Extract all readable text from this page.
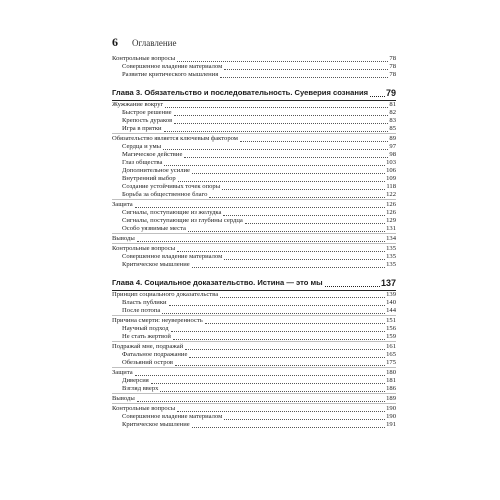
6 Оглавление
Контрольные вопросы	78
Совершенное владение материалом	78
Развитие критического мышления	78
Глава 3. Обязательство и последовательность. Суеверия сознания 79
Жужжание вокруг	81
Быстрое решение	82
Крепость дураков	83
Игра в прятки	85
Обязательство является ключевым фактором	89
Сердца и умы	97
Магическое действие	98
Глаз общества	103
Дополнительное усилие	106
Внутренний выбор	109
Создание устойчивых точек опоры	118
Борьба за общественное благо	122
Защита	126
Сигналы, поступающие из желудка	126
Сигналы, поступающие из глубины сердца	129
Особо уязвимые места	131
Выводы	134
Контрольные вопросы	135
Совершенное владение материалом	135
Критическое мышление	135
Глава 4. Социальное доказательство. Истина — это мы	137
Принцип социального доказательства	139
Власть публики	140
После потопа	144
Причина смерти: неуверенность	151
Научный подход	156
Не стать жертвой	159
Подражай мне, подражай	161
Фатальное подражание	165
Обезьяний остров	175
Защита	180
Диверсия	181
Взгляд вверх	186
Выводы	189
Контрольные вопросы	190
Совершенное владение материалом	190
Критическое мышление	191
